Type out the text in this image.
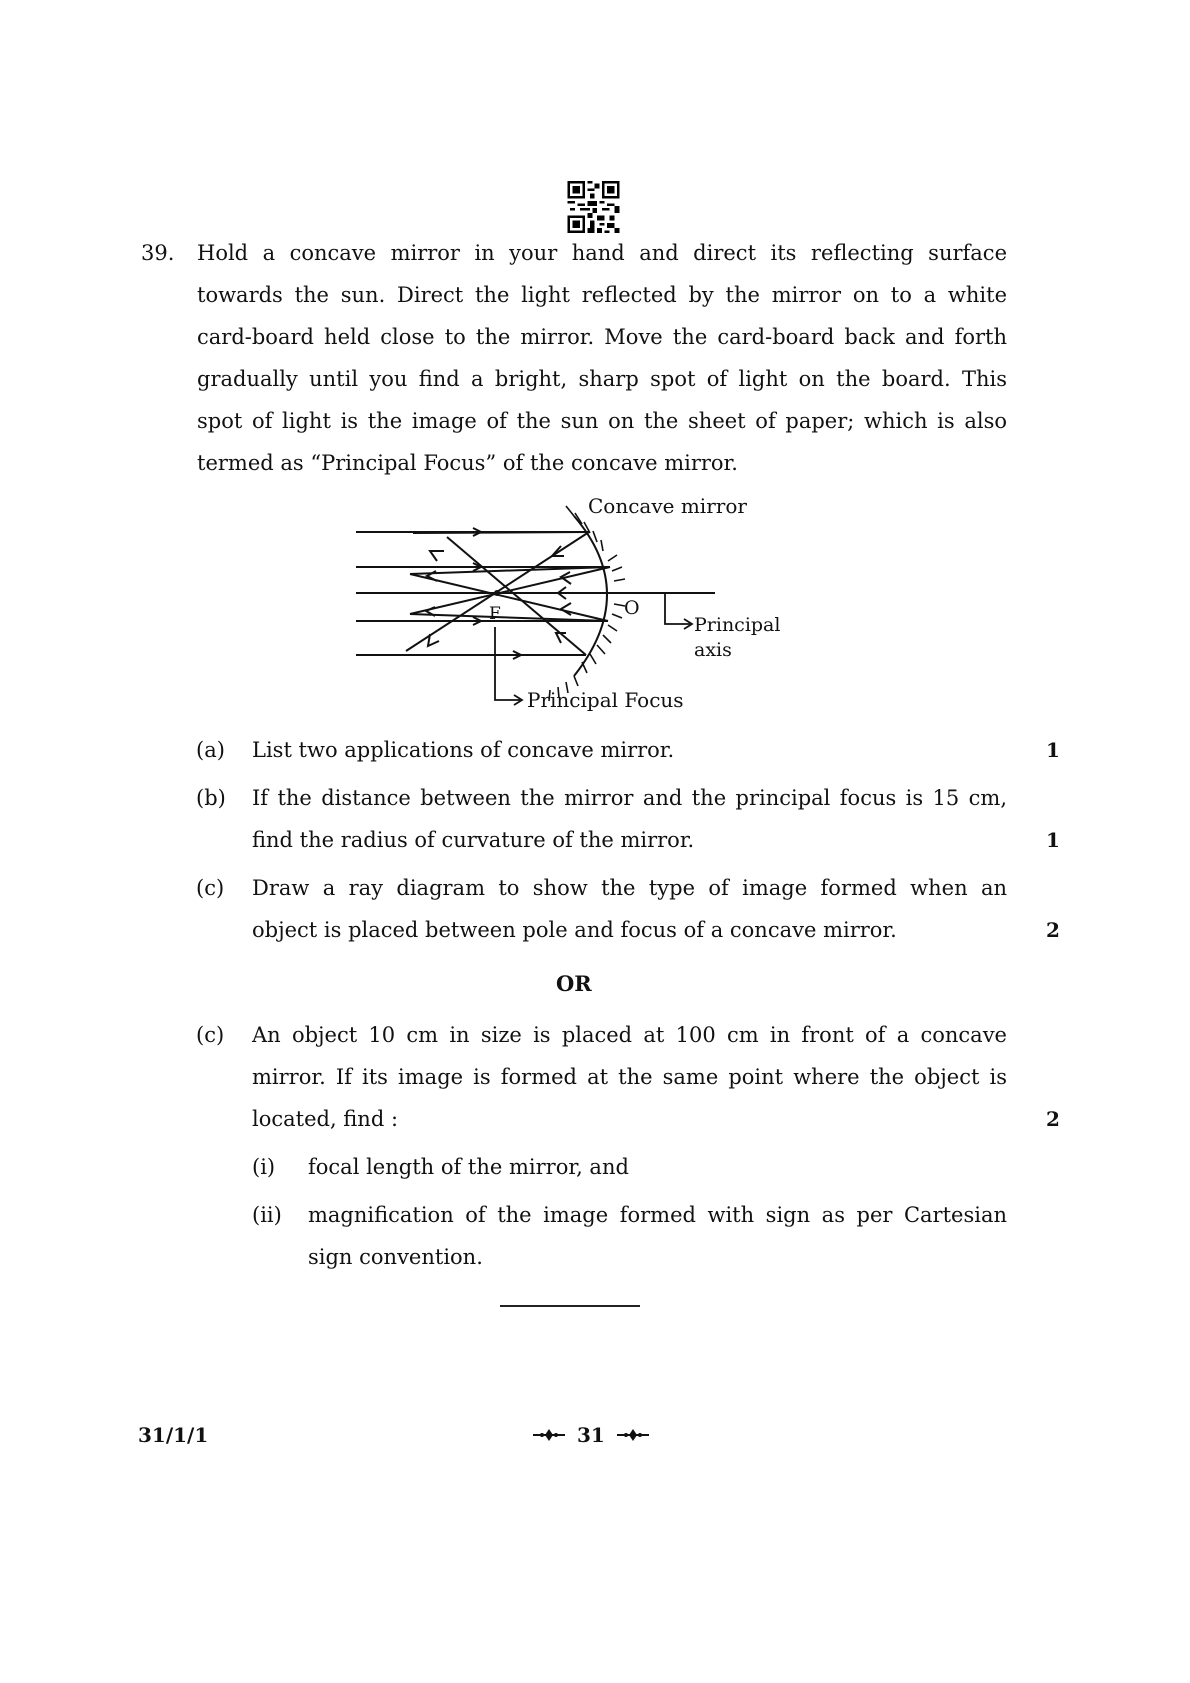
39. Hold a concave mirror in your hand and direct its reflecting surface
towards the sun. Direct the light reflected by the mirror on to a white
card-board held close to the mirror. Move the card-board back and forth
gradually until you find a bright, sharp spot of light on the board. This
spot of light is the image of the sun on the sheet of paper; which is also
termed as “Principal Focus” of the concave mirror.
Concave mirror
F	O
Principal
axis
Principal Focus
(a) List two applications of concave mirror.	1
(b) If the distance between the mirror and the principal focus is 15 cm,
find the radius of curvature of the mirror.	1
(c) Draw a ray diagram to show the type of image formed when an
object is placed between pole and focus of a concave mirror.	2
OR
(c) An object 10 cm in size is placed at 100 cm in front of a concave
mirror. If its image is formed at the same point where the object is
located, find :	2
(i) focal length of the mirror, and
(ii) magnification of the image formed with sign as per Cartesian
sign convention.
31/1/1	31
